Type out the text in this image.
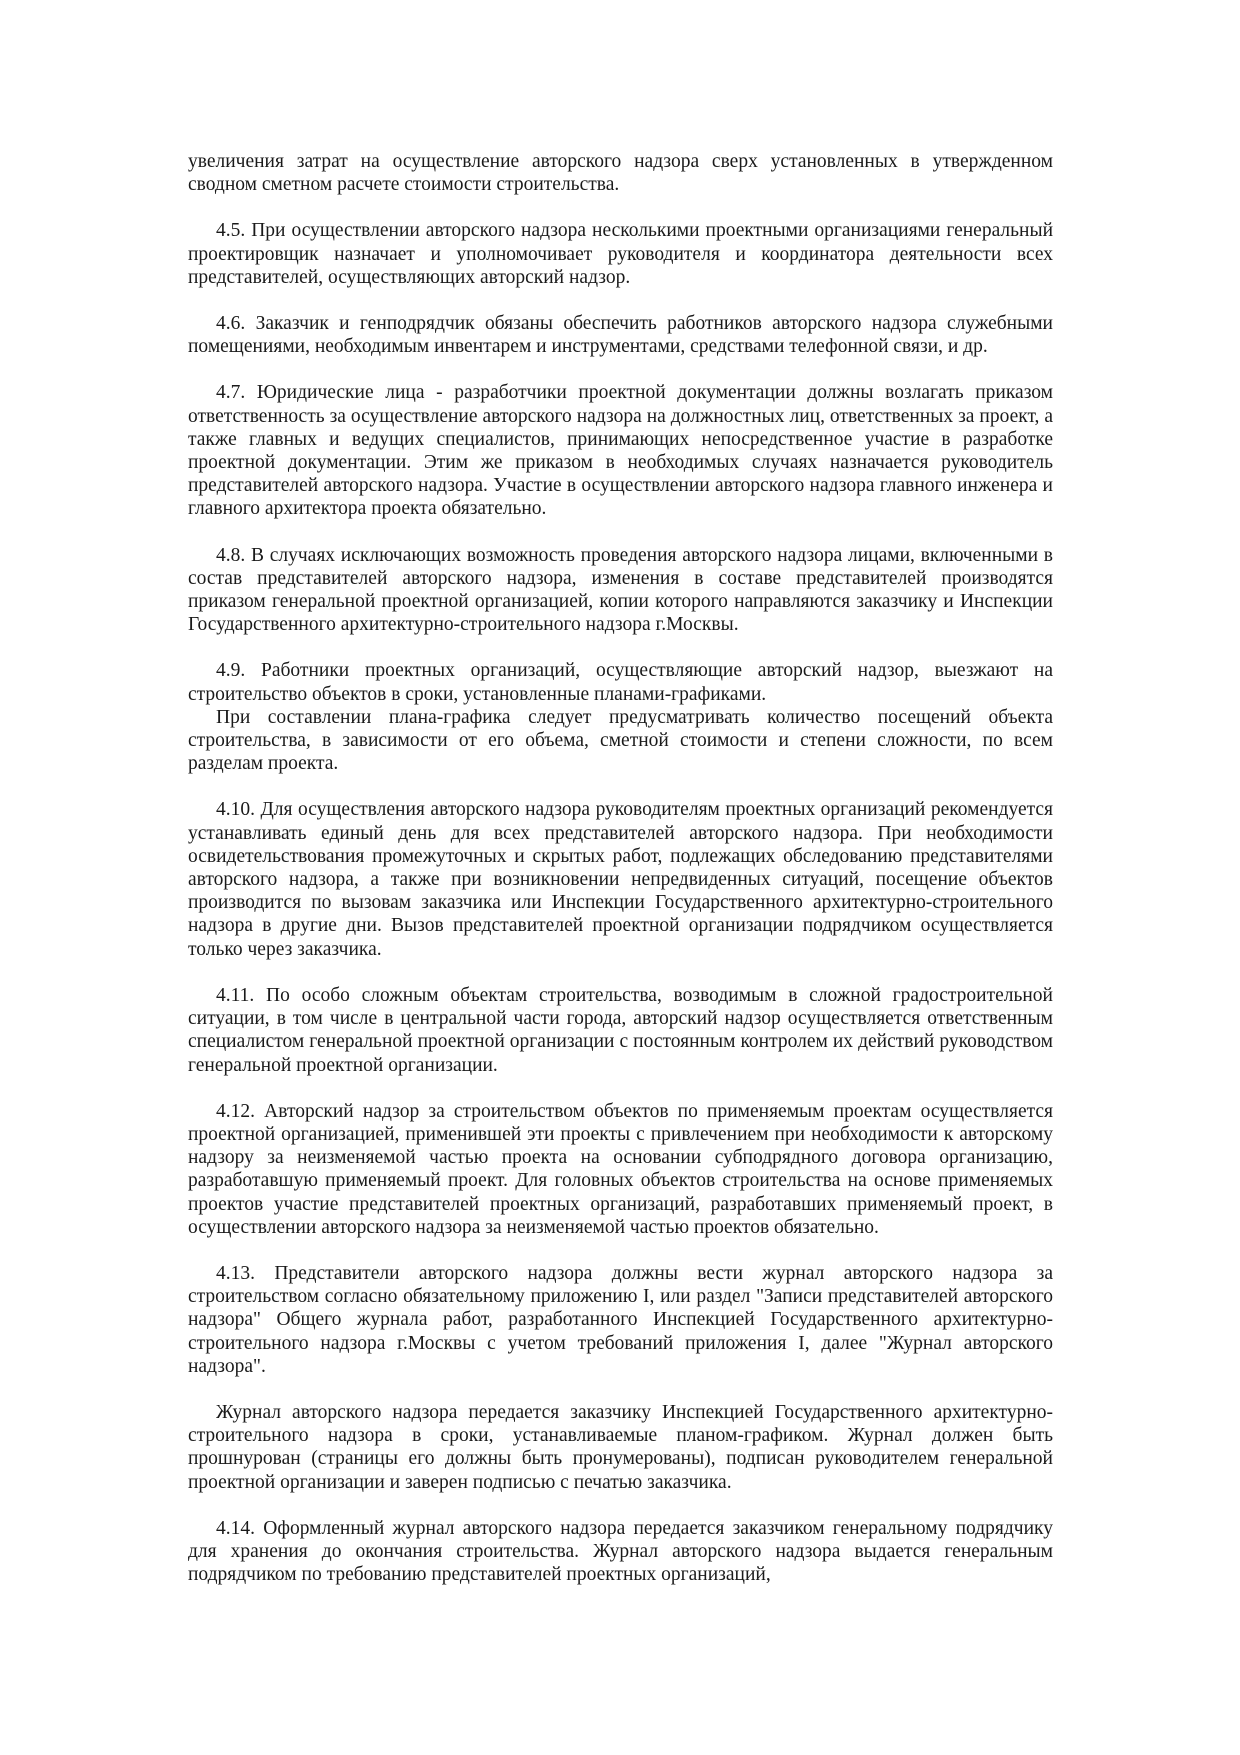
увеличения затрат на осуществление авторского надзора сверх установленных в утвержденном сводном сметном расчете стоимости строительства.

4.5. При осуществлении авторского надзора несколькими проектными организациями генеральный проектировщик назначает и уполномочивает руководителя и координатора деятельности всех представителей, осуществляющих авторский надзор.

4.6. Заказчик и генподрядчик обязаны обеспечить работников авторского надзора служебными помещениями, необходимым инвентарем и инструментами, средствами телефонной связи, и др.

4.7. Юридические лица - разработчики проектной документации должны возлагать приказом ответственность за осуществление авторского надзора на должностных лиц, ответственных за проект, а также главных и ведущих специалистов, принимающих непосредственное участие в разработке проектной документации. Этим же приказом в необходимых случаях назначается руководитель представителей авторского надзора. Участие в осуществлении авторского надзора главного инженера и главного архитектора проекта обязательно.

4.8. В случаях исключающих возможность проведения авторского надзора лицами, включенными в состав представителей авторского надзора, изменения в составе представителей производятся приказом генеральной проектной организацией, копии которого направляются заказчику и Инспекции Государственного архитектурно-строительного надзора г.Москвы.

4.9. Работники проектных организаций, осуществляющие авторский надзор, выезжают на строительство объектов в сроки, установленные планами-графиками.

При составлении плана-графика следует предусматривать количество посещений объекта строительства, в зависимости от его объема, сметной стоимости и степени сложности, по всем разделам проекта.

4.10. Для осуществления авторского надзора руководителям проектных организаций рекомендуется устанавливать единый день для всех представителей авторского надзора. При необходимости освидетельствования промежуточных и скрытых работ, подлежащих обследованию представителями авторского надзора, а также при возникновении непредвиденных ситуаций, посещение объектов производится по вызовам заказчика или Инспекции Государственного архитектурно-строительного надзора в другие дни. Вызов представителей проектной организации подрядчиком осуществляется только через заказчика.

4.11. По особо сложным объектам строительства, возводимым в сложной градостроительной ситуации, в том числе в центральной части города, авторский надзор осуществляется ответственным специалистом генеральной проектной организации с постоянным контролем их действий руководством генеральной проектной организации.

4.12. Авторский надзор за строительством объектов по применяемым проектам осуществляется проектной организацией, применившей эти проекты с привлечением при необходимости к авторскому надзору за неизменяемой частью проекта на основании субподрядного договора организацию, разработавшую применяемый проект. Для головных объектов строительства на основе применяемых проектов участие представителей проектных организаций, разработавших применяемый проект, в осуществлении авторского надзора за неизменяемой частью проектов обязательно.

4.13. Представители авторского надзора должны вести журнал авторского надзора за строительством согласно обязательному приложению I, или раздел "Записи представителей авторского надзора" Общего журнала работ, разработанного Инспекцией Государственного архитектурно-строительного надзора г.Москвы с учетом требований приложения I, далее "Журнал авторского надзора".

Журнал авторского надзора передается заказчику Инспекцией Государственного архитектурно-строительного надзора в сроки, устанавливаемые планом-графиком. Журнал должен быть прошнурован (страницы его должны быть пронумерованы), подписан руководителем генеральной проектной организации и заверен подписью с печатью заказчика.

4.14. Оформленный журнал авторского надзора передается заказчиком генеральному подрядчику для хранения до окончания строительства. Журнал авторского надзора выдается генеральным подрядчиком по требованию представителей проектных организаций,
